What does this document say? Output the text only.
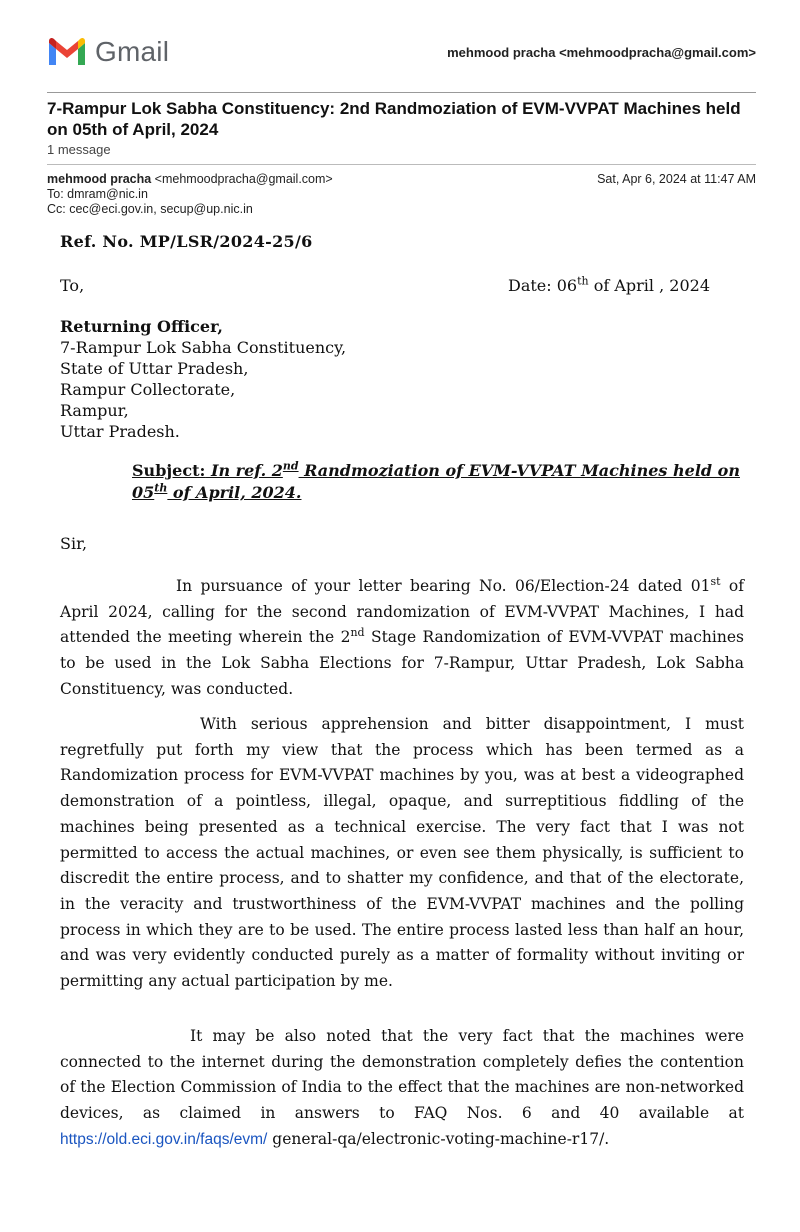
Gmail	mehmood pracha <mehmoodpracha@gmail.com>
7-Rampur Lok Sabha Constituency: 2nd Randmoziation of EVM-VVPAT Machines held on 05th of April, 2024
1 message
mehmood pracha <mehmoodpracha@gmail.com>	Sat, Apr 6, 2024 at 11:47 AM
To: dmram@nic.in
Cc: cec@eci.gov.in, secup@up.nic.in
Ref. No. MP/LSR/2024-25/6
To,	Date: 06th of April , 2024
Returning Officer,
7-Rampur Lok Sabha Constituency,
State of Uttar Pradesh,
Rampur Collectorate,
Rampur,
Uttar Pradesh.
Subject: In ref. 2nd Randmoziation of EVM-VVPAT Machines held on 05th of April, 2024.
Sir,
In pursuance of your letter bearing No. 06/Election-24 dated 01st of April 2024, calling for the second randomization of EVM-VVPAT Machines, I had attended the meeting wherein the 2nd Stage Randomization of EVM-VVPAT machines to be used in the Lok Sabha Elections for 7-Rampur, Uttar Pradesh, Lok Sabha Constituency, was conducted.
With serious apprehension and bitter disappointment, I must regretfully put forth my view that the process which has been termed as a Randomization process for EVM-VVPAT machines by you, was at best a videographed demonstration of a pointless, illegal, opaque, and surreptitious fiddling of the machines being presented as a technical exercise. The very fact that I was not permitted to access the actual machines, or even see them physically, is sufficient to discredit the entire process, and to shatter my confidence, and that of the electorate, in the veracity and trustworthiness of the EVM-VVPAT machines and the polling process in which they are to be used. The entire process lasted less than half an hour, and was very evidently conducted purely as a matter of formality without inviting or permitting any actual participation by me.
It may be also noted that the very fact that the machines were connected to the internet during the demonstration completely defies the contention of the Election Commission of India to the effect that the machines are non-networked devices, as claimed in answers to FAQ Nos. 6 and 40 available at https://old.eci.gov.in/faqs/evm/ general-qa/electronic-voting-machine-r17/.
